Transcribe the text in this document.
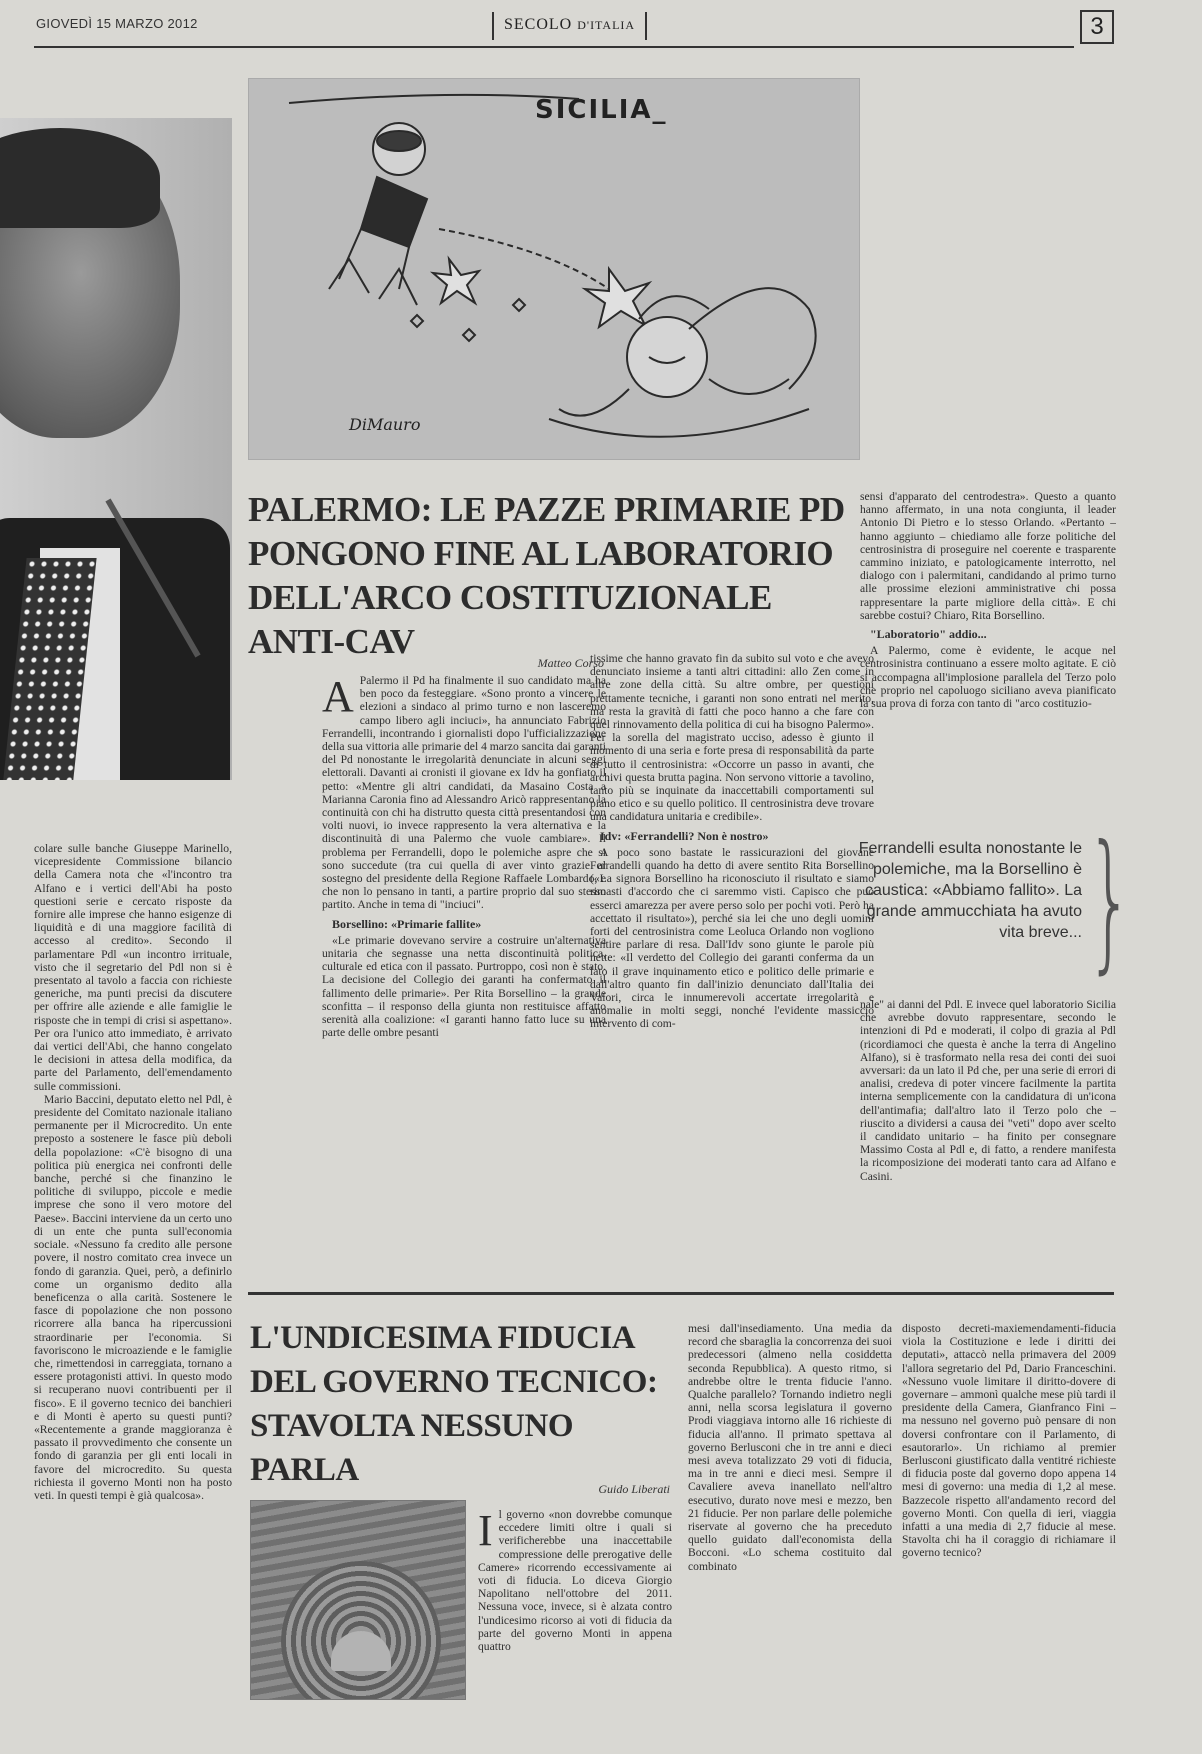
GIOVEDÌ 15 MARZO 2012	SECOLO D'ITALIA	3
SICILIA_
DiMauro
PALERMO: LE PAZZE PRIMARIE PD PONGONO FINE AL LABORATORIO DELL'ARCO COSTITUZIONALE ANTI-CAV
Matteo Corso

colare sulle banche Giuseppe Marinello, vicepresidente Commissione bilancio della Camera nota che «l'incontro tra Alfano e i vertici dell'Abi ha posto questioni serie e cercato risposte da fornire alle imprese che hanno esigenze di liquidità e di una maggiore facilità di accesso al credito». Secondo il parlamentare Pdl «un incontro irrituale, visto che il segretario del Pdl non si è presentato al tavolo a faccia con richieste generiche, ma punti precisi da discutere per offrire alle aziende e alle famiglie le risposte che in tempi di crisi si aspettano». Per ora l'unico atto immediato, è arrivato dai vertici dell'Abi, che hanno congelato le decisioni in attesa della modifica, da parte del Parlamento, dell'emendamento sulle commissioni.

Mario Baccini, deputato eletto nel Pdl, è presidente del Comitato nazionale italiano permanente per il Microcredito. Un ente preposto a sostenere le fasce più deboli della popolazione: «C'è bisogno di una politica più energica nei confronti delle banche, perché si che finanzino le politiche di sviluppo, piccole e medie imprese che sono il vero motore del Paese». Baccini interviene da un certo uno di un ente che punta sull'economia sociale. «Nessuno fa credito alle persone povere, il nostro comitato crea invece un fondo di garanzia. Quei, però, a definirlo come un organismo dedito alla beneficenza o alla carità. Sostenere le fasce di popolazione che non possono ricorrere alla banca ha ripercussioni straordinarie per l'economia. Si favoriscono le microaziende e le famiglie che, rimettendosi in carreggiata, tornano a essere protagonisti attivi. In questo modo si recuperano nuovi contribuenti per il fisco». E il governo tecnico dei banchieri e di Monti è aperto su questi punti? «Recentemente a grande maggioranza è passato il provvedimento che consente un fondo di garanzia per gli enti locali in favore del microcredito. Su questa richiesta il governo Monti non ha posto veti. In questi tempi è già qualcosa».

A Palermo il Pd ha finalmente il suo candidato ma ha ben poco da festeggiare. «Sono pronto a vincere le elezioni a sindaco al primo turno e non lasceremo campo libero agli inciuci», ha annunciato Fabrizio Ferrandelli, incontrando i giornalisti dopo l'ufficializzazione della sua vittoria alle primarie del 4 marzo sancita dai garanti del Pd nonostante le irregolarità denunciate in alcuni seggi elettorali. Davanti ai cronisti il giovane ex Idv ha gonfiato il petto: «Mentre gli altri candidati, da Masaino Costa a Marianna Caronia fino ad Alessandro Aricò rappresentano la continuità con chi ha distrutto questa città presentandosi con volti nuovi, io invece rappresento la vera alternativa e la discontinuità di una Palermo che vuole cambiare». Il problema per Ferrandelli, dopo le polemiche aspre che si sono succedute (tra cui quella di aver vinto grazie al sostegno del presidente della Regione Raffaele Lombardo, e che non lo pensano in tanti, a partire proprio dal suo stesso partito. Anche in tema di "inciuci".

Borsellino: «Primarie fallite»

«Le primarie dovevano servire a costruire un'alternativa unitaria che segnasse una netta discontinuità politica, culturale ed etica con il passato. Purtroppo, così non è stato. La decisione del Collegio dei garanti ha confermato il fallimento delle primarie». Per Rita Borsellino – la grande sconfitta – il responso della giunta non restituisce affatto serenità alla coalizione: «I garanti hanno fatto luce su una parte delle ombre pesanti

tissime che hanno gravato fin da subito sul voto e che avevo denunciato insieme a tanti altri cittadini: allo Zen come in altre zone della città. Su altre ombre, per questioni prettamente tecniche, i garanti non sono entrati nel merito, ma resta la gravità di fatti che poco hanno a che fare con quel rinnovamento della politica di cui ha bisogno Palermo». Per la sorella del magistrato ucciso, adesso è giunto il momento di una seria e forte presa di responsabilità da parte di tutto il centrosinistra: «Occorre un passo in avanti, che archivi questa brutta pagina. Non servono vittorie a tavolino, tanto più se inquinate da inaccettabili comportamenti sul piano etico e su quello politico. Il centrosinistra deve trovare una candidatura unitaria e credibile».

Idv: «Ferrandelli? Non è nostro»

A poco sono bastate le rassicurazioni del giovane Ferrandelli quando ha detto di avere sentito Rita Borsellino («La signora Borsellino ha riconosciuto il risultato e siamo rimasti d'accordo che ci saremmo visti. Capisco che può esserci amarezza per avere perso solo per pochi voti. Però ha accettato il risultato»), perché sia lei che uno degli uomini forti del centrosinistra come Leoluca Orlando non vogliono sentire parlare di resa. Dall'Idv sono giunte le parole più nette: «Il verdetto del Collegio dei garanti conferma da un lato il grave inquinamento etico e politico delle primarie e dall'altro quanto fin dall'inizio denunciato dall'Italia dei Valori, circa le innumerevoli accertate irregolarità e anomalie in molti seggi, nonché l'evidente massiccio intervento di com-

sensi d'apparato del centrodestra». Questo a quanto hanno affermato, in una nota congiunta, il leader Antonio Di Pietro e lo stesso Orlando. «Pertanto – hanno aggiunto – chiediamo alle forze politiche del centrosinistra di proseguire nel coerente e trasparente cammino iniziato, e patologicamente interrotto, nel dialogo con i palermitani, candidando al primo turno alle prossime elezioni amministrative chi possa rappresentare la parte migliore della città». E chi sarebbe costui? Chiaro, Rita Borsellino.

"Laboratorio" addio...

A Palermo, come è evidente, le acque nel centrosinistra continuano a essere molto agitate. E ciò si accompagna all'implosione parallela del Terzo polo che proprio nel capoluogo siciliano aveva pianificato la sua prova di forza con tanto di "arco costituzio-

Ferrandelli esulta nonostante le polemiche, ma la Borsellino è caustica: «Abbiamo fallito». La grande ammucchiata ha avuto vita breve... }

nale" ai danni del Pdl. E invece quel laboratorio Sicilia che avrebbe dovuto rappresentare, secondo le intenzioni di Pd e moderati, il colpo di grazia al Pdl (ricordiamoci che questa è anche la terra di Angelino Alfano), si è trasformato nella resa dei conti dei suoi avversari: da un lato il Pd che, per una serie di errori di analisi, credeva di poter vincere facilmente la partita interna semplicemente con la candidatura di un'icona dell'antimafia; dall'altro lato il Terzo polo che – riuscito a dividersi a causa dei "veti" dopo aver scelto il candidato unitario – ha finito per consegnare Massimo Costa al Pdl e, di fatto, a rendere manifesta la ricomposizione dei moderati tanto cara ad Alfano e Casini.

L'UNDICESIMA FIDUCIA DEL GOVERNO TECNICO: STAVOLTA NESSUNO PARLA
Guido Liberati
I l governo «non dovrebbe comunque eccedere limiti oltre i quali si verificherebbe una inaccettabile compressione delle prerogative delle Camere» ricorrendo eccessivamente ai voti di fiducia. Lo diceva Giorgio Napolitano nell'ottobre del 2011. Nessuna voce, invece, si è alzata contro l'undicesimo ricorso ai voti di fiducia da parte del governo Monti in appena quattro

mesi dall'insediamento. Una media da record che sbaraglia la concorrenza dei suoi predecessori (almeno nella cosiddetta seconda Repubblica). A questo ritmo, si andrebbe oltre le trenta fiducie l'anno. Qualche parallelo? Tornando indietro negli anni, nella scorsa legislatura il governo Prodi viaggiava intorno alle 16 richieste di fiducia all'anno. Il primato spettava al governo Berlusconi che in tre anni e dieci mesi aveva totalizzato 29 voti di fiducia, ma in tre anni e dieci mesi. Sempre il Cavaliere aveva inanellato nell'altro esecutivo, durato nove mesi e mezzo, ben 21 fiducie. Per non parlare delle polemiche riservate al governo che ha preceduto quello guidato dall'economista della Bocconi. «Lo schema costituito dal combinato

disposto decreti-maxiemendamenti-fiducia viola la Costituzione e lede i diritti dei deputati», attaccò nella primavera del 2009 l'allora segretario del Pd, Dario Franceschini. «Nessuno vuole limitare il diritto-dovere di governare – ammonì qualche mese più tardi il presidente della Camera, Gianfranco Fini – ma nessuno nel governo può pensare di non doversi confrontare con il Parlamento, di esautorarlo». Un richiamo al premier Berlusconi giustificato dalla ventitré richieste di fiducia poste dal governo dopo appena 14 mesi di governo: una media di 1,2 al mese. Bazzecole rispetto all'andamento record del governo Monti. Con quella di ieri, viaggia infatti a una media di 2,7 fiducie al mese. Stavolta chi ha il coraggio di richiamare il governo tecnico?
